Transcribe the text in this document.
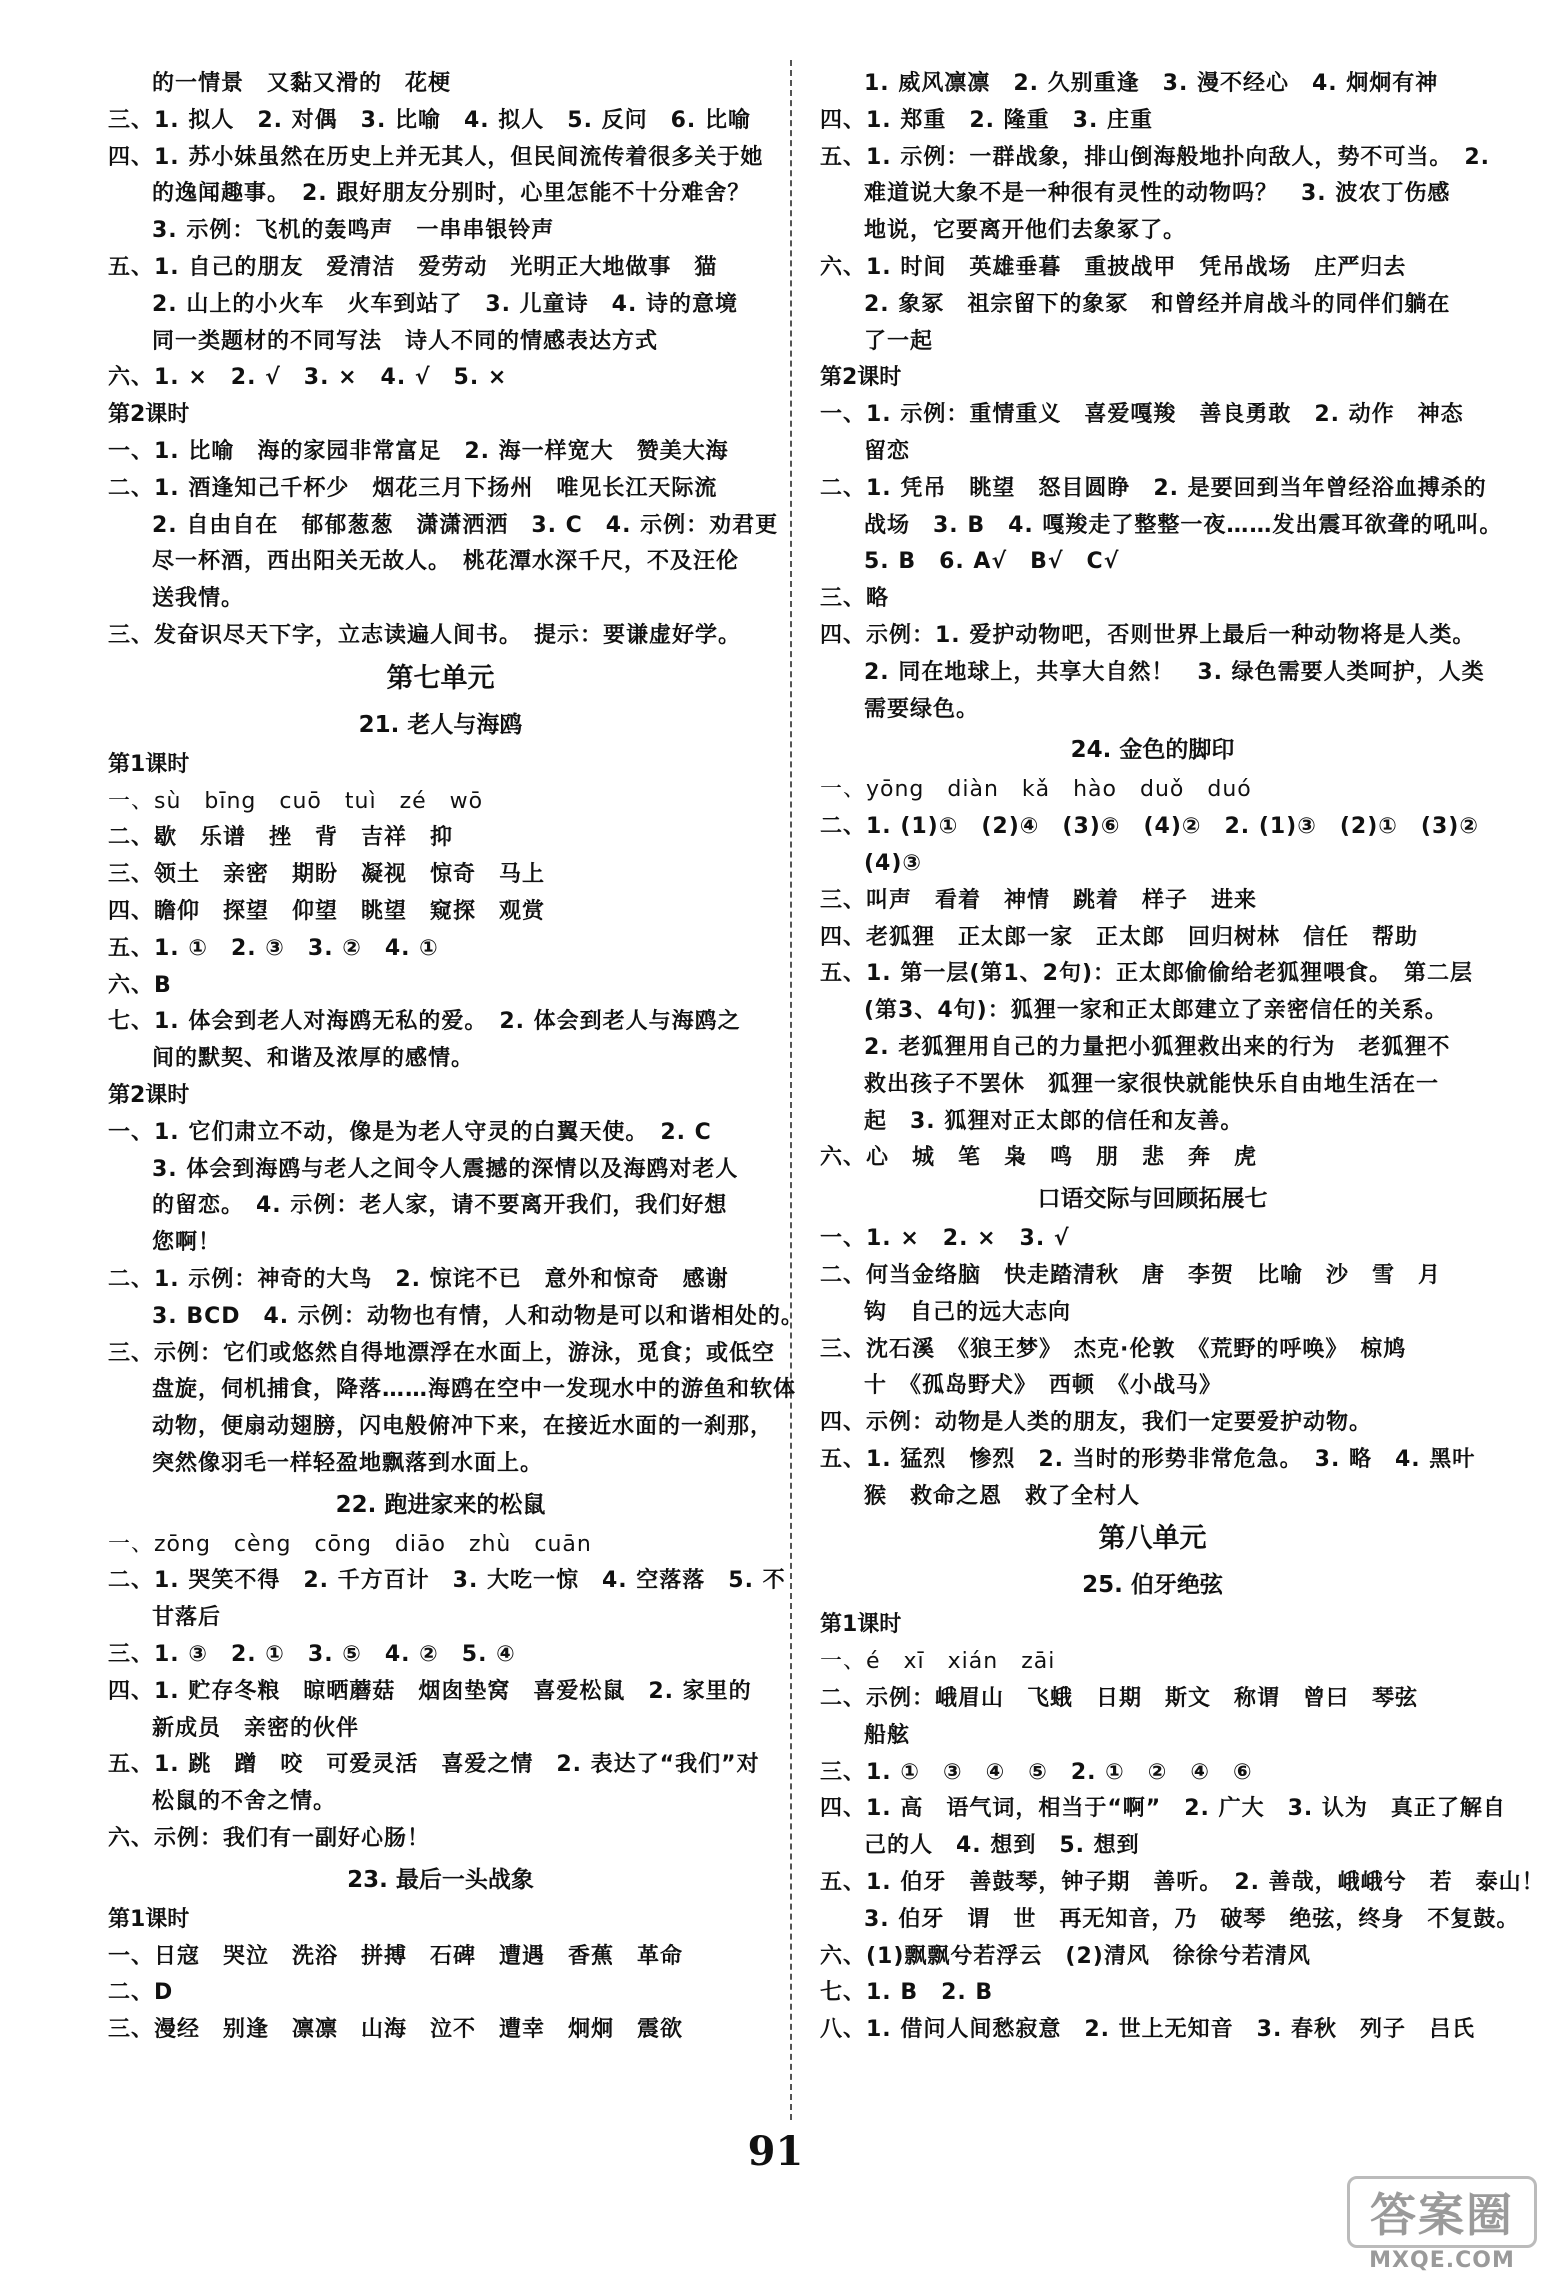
的一情景　又黏又滑的　花梗
三、1. 拟人　2. 对偶　3. 比喻　4. 拟人　5. 反问　6. 比喻
四、1. 苏小妹虽然在历史上并无其人，但民间流传着很多关于她
的逸闻趣事。　2. 跟好朋友分别时，心里怎能不十分难舍？
3. 示例：飞机的轰鸣声　一串串银铃声
五、1. 自己的朋友　爱清洁　爱劳动　光明正大地做事　猫
2. 山上的小火车　火车到站了　3. 儿童诗　4. 诗的意境
同一类题材的不同写法　诗人不同的情感表达方式
六、1. ×　2. √　3. ×　4. √　5. ×
第2课时
一、1. 比喻　海的家园非常富足　2. 海一样宽大　赞美大海
二、1. 酒逢知己千杯少　烟花三月下扬州　唯见长江天际流
2. 自由自在　郁郁葱葱　潇潇洒洒　3. C　4. 示例：劝君更
尽一杯酒，西出阳关无故人。　桃花潭水深千尺，不及汪伦
送我情。
三、发奋识尽天下字，立志读遍人间书。　提示：要谦虚好学。
第七单元
21. 老人与海鸥
第1课时
一、sù　bīng　cuō　tuì　zé　wō
二、歇　乐谱　挫　背　吉祥　抑
三、领土　亲密　期盼　凝视　惊奇　马上
四、瞻仰　探望　仰望　眺望　窥探　观赏
五、1. ①　2. ③　3. ②　4. ①
六、B
七、1. 体会到老人对海鸥无私的爱。　2. 体会到老人与海鸥之
间的默契、和谐及浓厚的感情。
第2课时
一、1. 它们肃立不动，像是为老人守灵的白翼天使。　2. C
3. 体会到海鸥与老人之间令人震撼的深情以及海鸥对老人
的留恋。　4. 示例：老人家，请不要离开我们，我们好想
您啊！
二、1. 示例：神奇的大鸟　2. 惊诧不已　意外和惊奇　感谢
3. BCD　4. 示例：动物也有情，人和动物是可以和谐相处的。
三、示例：它们或悠然自得地漂浮在水面上，游泳，觅食；或低空
盘旋，伺机捕食，降落……海鸥在空中一发现水中的游鱼和软体
动物，便扇动翅膀，闪电般俯冲下来，在接近水面的一刹那，
突然像羽毛一样轻盈地飘落到水面上。
22. 跑进家来的松鼠
一、zōng　cèng　cōng　diāo　zhù　cuān
二、1. 哭笑不得　2. 千方百计　3. 大吃一惊　4. 空落落　5. 不
甘落后
三、1. ③　2. ①　3. ⑤　4. ②　5. ④
四、1. 贮存冬粮　晾晒蘑菇　烟囱垫窝　喜爱松鼠　2. 家里的
新成员　亲密的伙伴
五、1. 跳　蹭　咬　可爱灵活　喜爱之情　2. 表达了“我们”对
松鼠的不舍之情。
六、示例：我们有一副好心肠！
23. 最后一头战象
第1课时
一、日寇　哭泣　洗浴　拼搏　石碑　遭遇　香蕉　革命
二、D
三、漫经　别逢　凛凛　山海　泣不　遭幸　炯炯　震欲
1. 威风凛凛　2. 久别重逢　3. 漫不经心　4. 炯炯有神
四、1. 郑重　2. 隆重　3. 庄重
五、1. 示例：一群战象，排山倒海般地扑向敌人，势不可当。　2.
难道说大象不是一种很有灵性的动物吗？　3. 波农丁伤感
地说，它要离开他们去象冢了。
六、1. 时间　英雄垂暮　重披战甲　凭吊战场　庄严归去
2. 象冢　祖宗留下的象冢　和曾经并肩战斗的同伴们躺在
了一起
第2课时
一、1. 示例：重情重义　喜爱嘎羧　善良勇敢　2. 动作　神态
留恋
二、1. 凭吊　眺望　怒目圆睁　2. 是要回到当年曾经浴血搏杀的
战场　3. B　4. 嘎羧走了整整一夜……发出震耳欲聋的吼叫。
5. B　6. A√　B√　C√
三、略
四、示例：1. 爱护动物吧，否则世界上最后一种动物将是人类。
2. 同在地球上，共享大自然！　3. 绿色需要人类呵护，人类
需要绿色。
24. 金色的脚印
一、yōng　diàn　kǎ　hào　duǒ　duó
二、1. (1)①　(2)④　(3)⑥　(4)②　2. (1)③　(2)①　(3)②
(4)③
三、叫声　看着　神情　跳着　样子　进来
四、老狐狸　正太郎一家　正太郎　回归树林　信任　帮助
五、1. 第一层(第1、2句)：正太郎偷偷给老狐狸喂食。　第二层
(第3、4句)：狐狸一家和正太郎建立了亲密信任的关系。
2. 老狐狸用自己的力量把小狐狸救出来的行为　老狐狸不
救出孩子不罢休　狐狸一家很快就能快乐自由地生活在一
起　3. 狐狸对正太郎的信任和友善。
六、心　城　笔　枭　鸣　朋　悲　奔　虎
口语交际与回顾拓展七
一、1. ×　2. ×　3. √
二、何当金络脑　快走踏清秋　唐　李贺　比喻　沙　雪　月
钩　自己的远大志向
三、沈石溪　《狼王梦》　杰克·伦敦　《荒野的呼唤》　椋鸠
十　《孤岛野犬》　西顿　《小战马》
四、示例：动物是人类的朋友，我们一定要爱护动物。
五、1. 猛烈　惨烈　2. 当时的形势非常危急。　3. 略　4. 黑叶
猴　救命之恩　救了全村人
第八单元
25. 伯牙绝弦
第1课时
一、é　xī　xián　zāi
二、示例：峨眉山　飞蛾　日期　斯文　称谓　曾曰　琴弦
船舷
三、1. ①　③　④　⑤　2. ①　②　④　⑥
四、1. 高　语气词，相当于“啊”　2. 广大　3. 认为　真正了解自
己的人　4. 想到　5. 想到
五、1. 伯牙　善鼓琴，钟子期　善听。　2. 善哉，峨峨兮　若　泰山！
3. 伯牙　谓　世　再无知音，乃　破琴　绝弦，终身　不复鼓。
六、(1)飘飘兮若浮云　(2)清风　徐徐兮若清风
七、1. B　2. B
八、1. 借问人间愁寂意　2. 世上无知音　3. 春秋　列子　吕氏
91
答案圈
MXQE.COM
